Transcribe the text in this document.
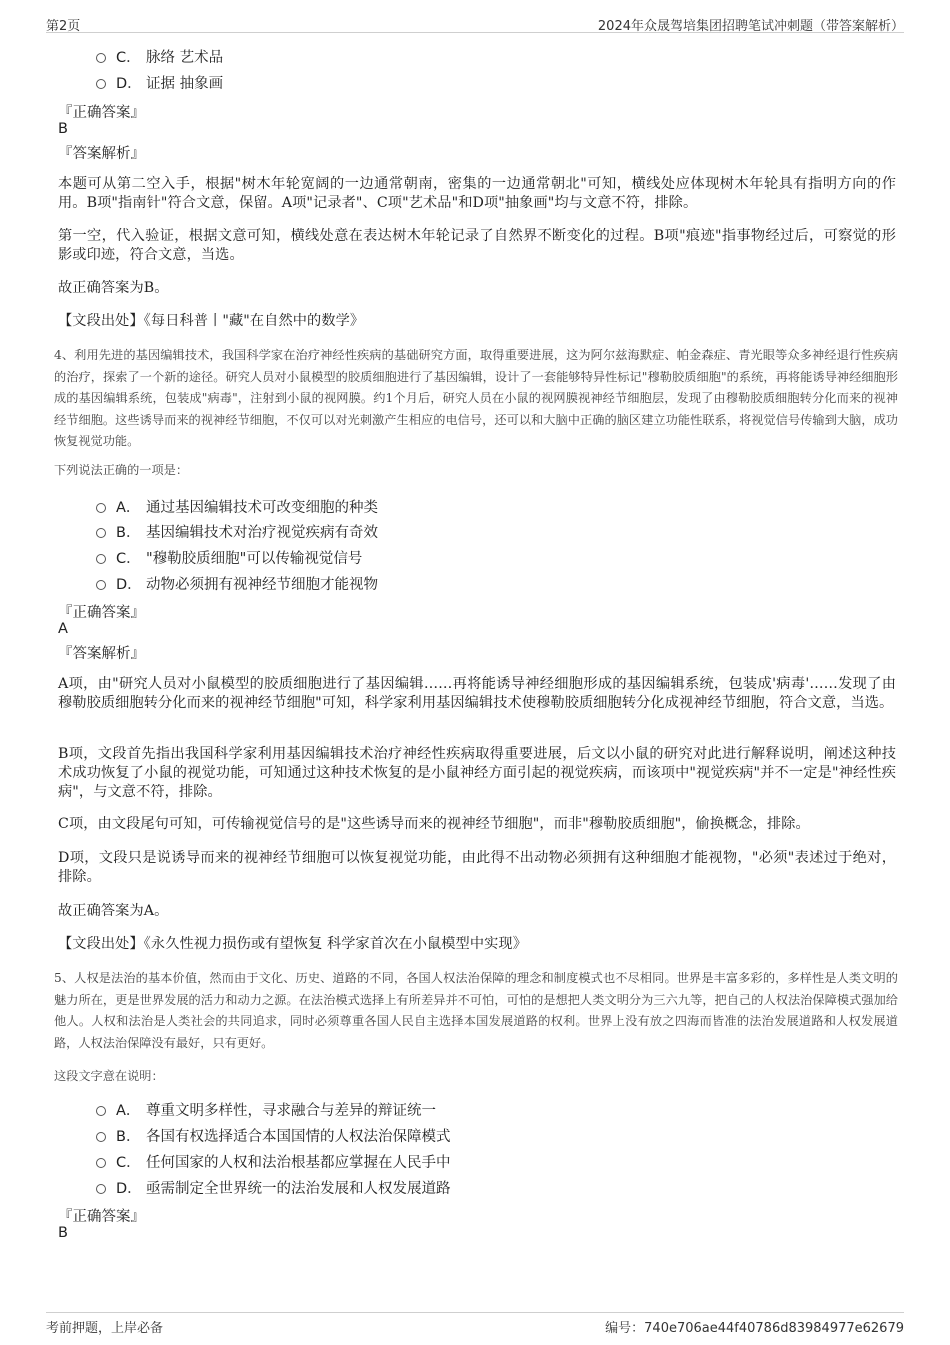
第2页	2024年众晟驾培集团招聘笔试冲刺题（带答案解析）
C． 脉络 艺术品
D． 证据 抽象画
『正确答案』
B
『答案解析』
本题可从第二空入手，根据"树木年轮宽阔的一边通常朝南，密集的一边通常朝北"可知，横线处应体现树木年轮具有指明方向的作用。B项"指南针"符合文意，保留。A项"记录者"、C项"艺术品"和D项"抽象画"均与文意不符，排除。
第一空，代入验证，根据文意可知，横线处意在表达树木年轮记录了自然界不断变化的过程。B项"痕迹"指事物经过后，可察觉的形影或印迹，符合文意，当选。
故正确答案为B。
【文段出处】《每日科普丨"藏"在自然中的数学》
4、利用先进的基因编辑技术，我国科学家在治疗神经性疾病的基础研究方面，取得重要进展，这为阿尔兹海默症、帕金森症、青光眼等众多神经退行性疾病的治疗，探索了一个新的途径。研究人员对小鼠模型的胶质细胞进行了基因编辑，设计了一套能够特异性标记"穆勒胶质细胞"的系统，再将能诱导神经细胞形成的基因编辑系统，包装成"病毒"，注射到小鼠的视网膜。约1个月后，研究人员在小鼠的视网膜视神经节细胞层，发现了由穆勒胶质细胞转分化而来的视神经节细胞。这些诱导而来的视神经节细胞，不仅可以对光刺激产生相应的电信号，还可以和大脑中正确的脑区建立功能性联系，将视觉信号传输到大脑，成功恢复视觉功能。
下列说法正确的一项是：
A． 通过基因编辑技术可改变细胞的种类
B． 基因编辑技术对治疗视觉疾病有奇效
C． "穆勒胶质细胞"可以传输视觉信号
D． 动物必须拥有视神经节细胞才能视物
『正确答案』
A
『答案解析』
A项，由"研究人员对小鼠模型的胶质细胞进行了基因编辑……再将能诱导神经细胞形成的基因编辑系统，包装成'病毒'……发现了由穆勒胶质细胞转分化而来的视神经节细胞"可知，科学家利用基因编辑技术使穆勒胶质细胞转分化成视神经节细胞，符合文意，当选。
B项，文段首先指出我国科学家利用基因编辑技术治疗神经性疾病取得重要进展，后文以小鼠的研究对此进行解释说明，阐述这种技术成功恢复了小鼠的视觉功能，可知通过这种技术恢复的是小鼠神经方面引起的视觉疾病，而该项中"视觉疾病"并不一定是"神经性疾病"，与文意不符，排除。
C项，由文段尾句可知，可传输视觉信号的是"这些诱导而来的视神经节细胞"，而非"穆勒胶质细胞"，偷换概念，排除。
D项，文段只是说诱导而来的视神经节细胞可以恢复视觉功能，由此得不出动物必须拥有这种细胞才能视物，"必须"表述过于绝对，排除。
故正确答案为A。
【文段出处】《永久性视力损伤或有望恢复 科学家首次在小鼠模型中实现》
5、人权是法治的基本价值，然而由于文化、历史、道路的不同，各国人权法治保障的理念和制度模式也不尽相同。世界是丰富多彩的，多样性是人类文明的魅力所在，更是世界发展的活力和动力之源。在法治模式选择上有所差异并不可怕，可怕的是想把人类文明分为三六九等，把自己的人权法治保障模式强加给他人。人权和法治是人类社会的共同追求，同时必须尊重各国人民自主选择本国发展道路的权利。世界上没有放之四海而皆准的法治发展道路和人权发展道路，人权法治保障没有最好，只有更好。
这段文字意在说明：
A． 尊重文明多样性，寻求融合与差异的辩证统一
B． 各国有权选择适合本国国情的人权法治保障模式
C． 任何国家的人权和法治根基都应掌握在人民手中
D． 亟需制定全世界统一的法治发展和人权发展道路
『正确答案』
B
考前押题，上岸必备	编号：740e706ae44f40786d83984977e62679
